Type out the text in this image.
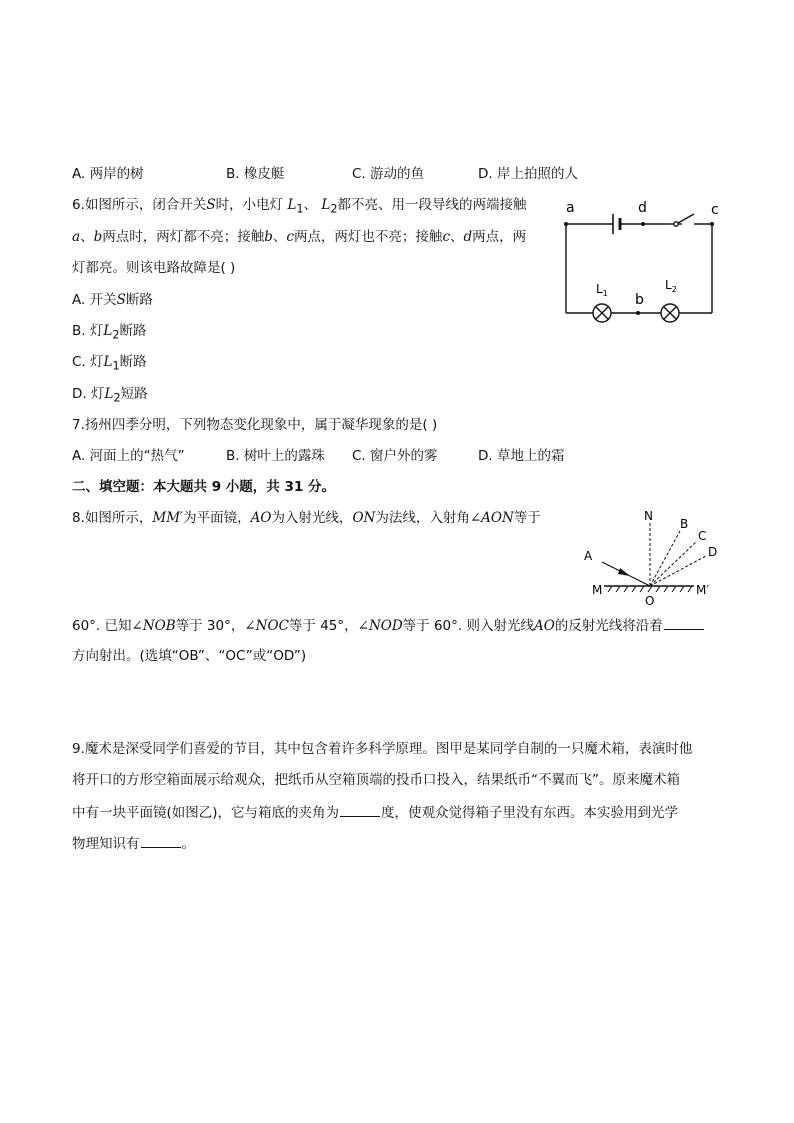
A. 两岸的树	B. 橡皮艇	C. 游动的鱼	D. 岸上拍照的人
6.如图所示，闭合开关S时，小电灯 $L_1$、 $L_2$都不亮、用一段导线的两端接触
a、b两点时，两灯都不亮；接触b、c两点，两灯也不亮；接触c、d两点，两
灯都亮。则该电路故障是( )
A. 开关S断路
B. 灯$L_2$断路
C. 灯$L_1$断路
D. 灯$L_2$短路
a	d	c
b
$L_1$
$L_2$
7.扬州四季分明，下列物态变化现象中，属于凝华现象的是( )
A. 河面上的“热气”	B. 树叶上的露珠 C. 窗户外的雾	D. 草地上的霜
二、填空题：本大题共 9 小题，共 31 分。
8.如图所示，MM′为平面镜，AO为入射光线，ON为法线，入射角∠AON等于	N
B
C
D
A
M	M′
O
60°. 已知∠NOB等于 30°，∠NOC等于 45°，∠NOD等于 60°. 则入射光线AO的反射光线将沿着
方向射出。(选填“OB”、“OC”或“OD”)
9.魔术是深受同学们喜爱的节目，其中包含着许多科学原理。图甲是某同学自制的一只魔术箱，表演时他
将开口的方形空箱面展示给观众，把纸币从空箱顶端的投币口投入，结果纸币“不翼而飞”。原来魔术箱
中有一块平面镜(如图乙)，它与箱底的夹角为	度，使观众觉得箱子里没有东西。本实验用到光学
物理知识有	。
